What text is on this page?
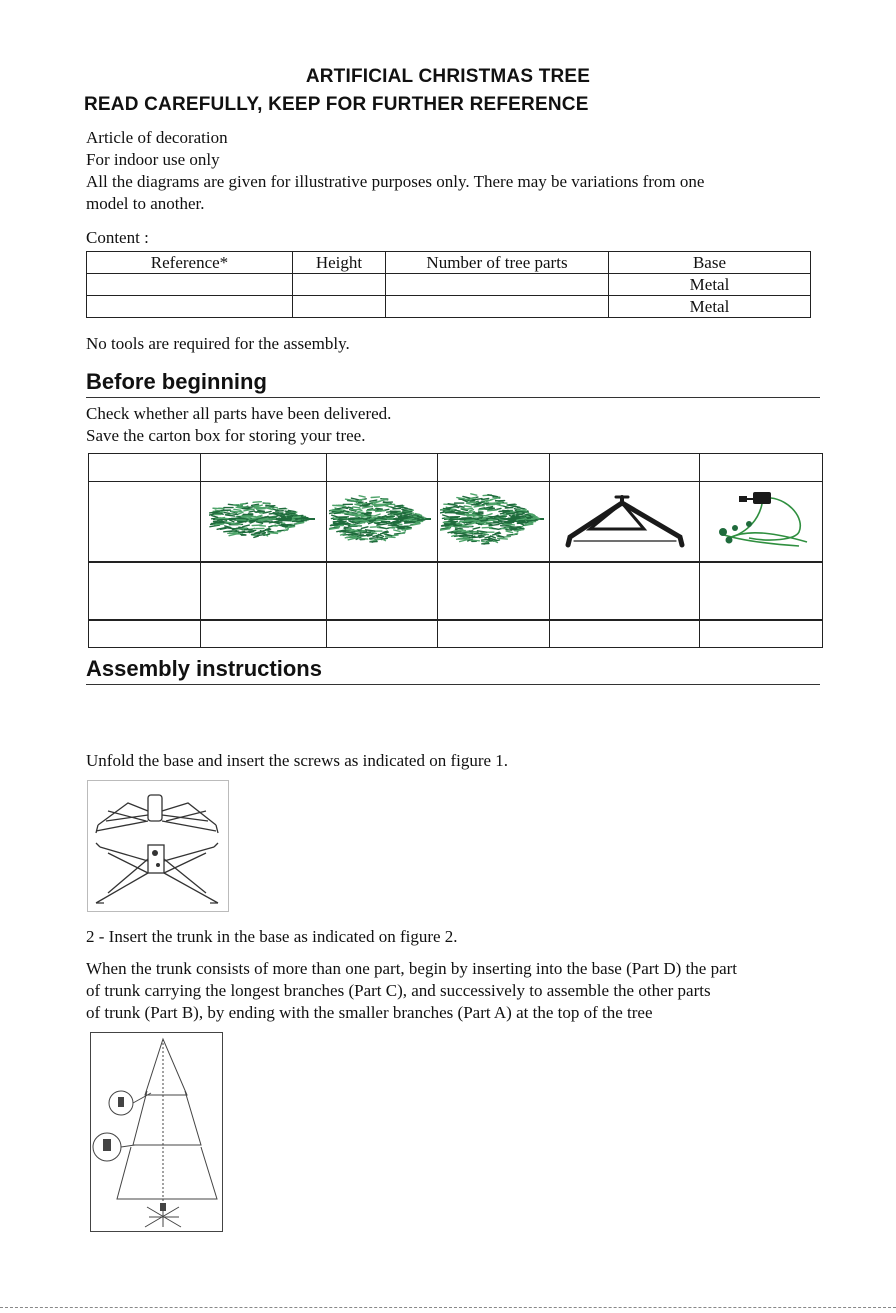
ARTIFICIAL CHRISTMAS TREE
READ CAREFULLY, KEEP FOR FURTHER REFERENCE
Article of decoration
For indoor use only
All the diagrams are given for illustrative purposes only. There may be variations from one
model to another.
Content :
Reference*	Height	Number of tree parts	Base
			Metal
			Metal
No tools are required for the assembly.
Before beginning
Check whether all parts have been delivered.
Save the carton box for storing your tree.

Assembly instructions
Unfold the base and insert the screws as indicated on figure 1.
2 - Insert the trunk in the base as indicated on figure 2.
When the trunk consists of more than one part, begin by inserting into the base (Part D) the part
of trunk carrying the longest branches (Part C), and successively to assemble the other parts
of trunk (Part B), by ending with the smaller branches (Part A) at the top of the tree
